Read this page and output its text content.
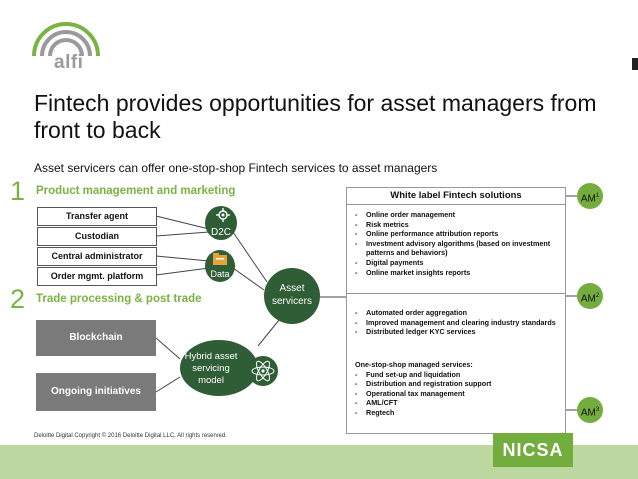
alfi
Fintech provides opportunities for asset managers from front to back
Asset servicers can offer one-stop-shop Fintech services to asset managers
1 Product management and marketing
Transfer agent
Custodian
Central administrator
Order mgmt. platform
2 Trade processing & post trade
Blockchain
Ongoing initiatives
D2C
Data
Asset servicers
Hybrid asset servicing model
White label Fintech solutions
- Online order management
- Risk metrics
- Online performance attribution reports
- Investment advisory algorithms (based on investment patterns and behaviors)
- Digital payments
- Online market insights reports
- Automated order aggregation
- Improved management and clearing industry standards
- Distributed ledger KYC services
One-stop-shop managed services:
- Fund set-up and liquidation
- Distribution and registration support
- Operational tax management
- AML/CFT
- Regtech
$AM^1$
$AM^2$
$AM^3$
Deloitte Digital Copyright © 2016 Deloitte Digital LLC. All rights reserved.
NICSA
